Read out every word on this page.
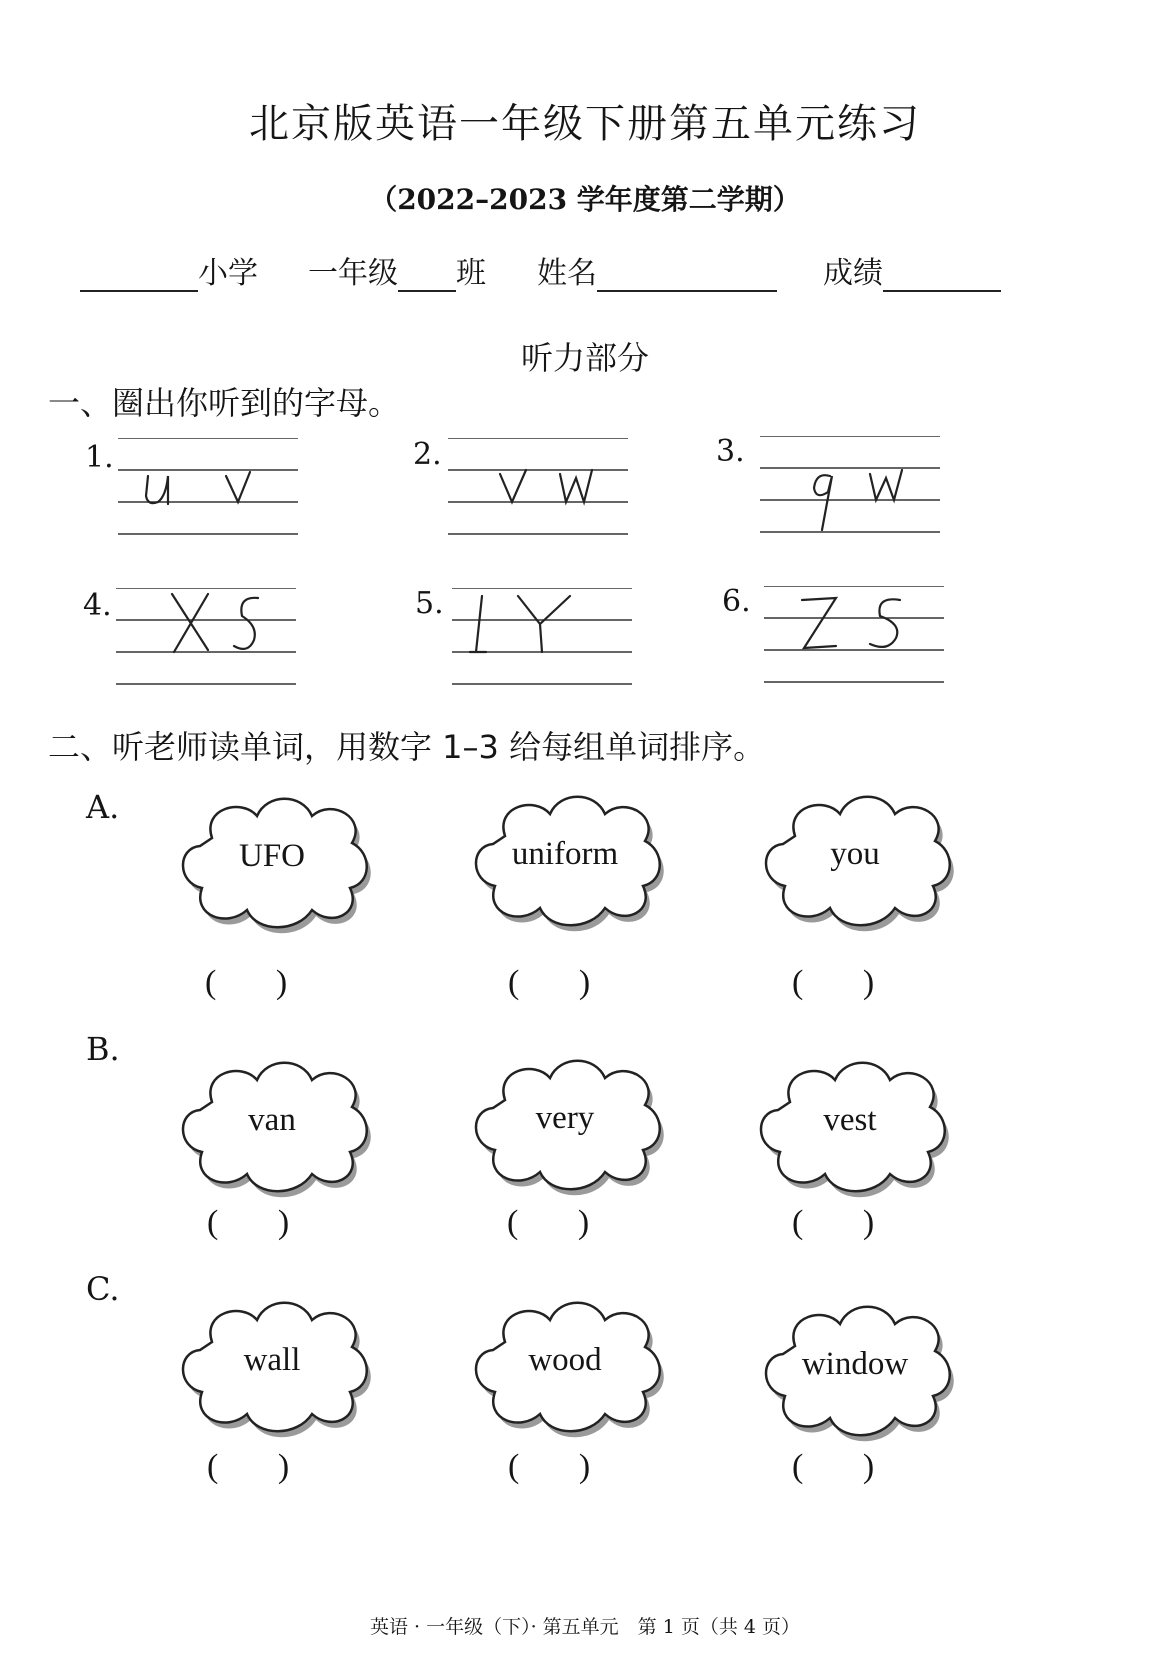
北京版英语一年级下册第五单元练习
（2022–2023 学年度第二学期）
小学 一年级 班 姓名	成绩
听力部分
一、圈出你听到的字母。
1.	2.	3.
4.	5.	6.
二、听老师读单词，用数字 1–3 给每组单词排序。
A.
UFO	uniform	you
(       )	(       )	(       )
B.
van	very	vest
(       )	(       )	(       )
C.
wall	wood	window
(       )	(       )	(       )
英语 · 一年级（下）· 第五单元　第 1 页（共 4 页）
